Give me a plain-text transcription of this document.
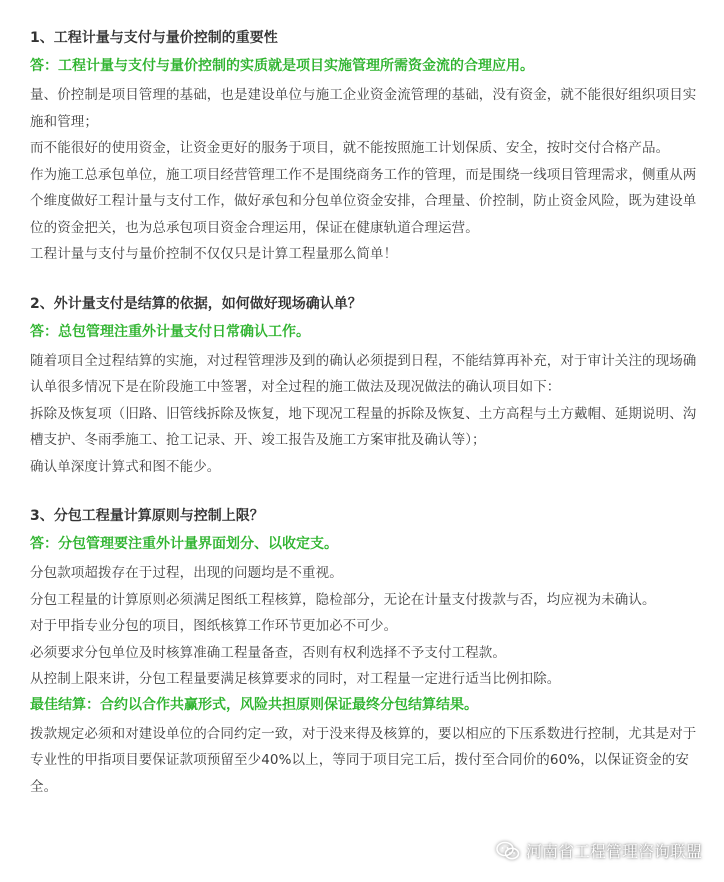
1、工程计量与支付与量价控制的重要性

答：工程计量与支付与量价控制的实质就是项目实施管理所需资金流的合理应用。

量、价控制是项目管理的基础，也是建设单位与施工企业资金流管理的基础，没有资金，就不能很好组织项目实施和管理；

而不能很好的使用资金，让资金更好的服务于项目，就不能按照施工计划保质、安全，按时交付合格产品。

作为施工总承包单位，施工项目经营管理工作不是围绕商务工作的管理，而是围绕一线项目管理需求，侧重从两个维度做好工程计量与支付工作，做好承包和分包单位资金安排，合理量、价控制，防止资金风险，既为建设单位的资金把关，也为总承包项目资金合理运用，保证在健康轨道合理运营。

工程计量与支付与量价控制不仅仅只是计算工程量那么简单！

2、外计量支付是结算的依据，如何做好现场确认单？

答：总包管理注重外计量支付日常确认工作。

随着项目全过程结算的实施，对过程管理涉及到的确认必须提到日程，不能结算再补充，对于审计关注的现场确认单很多情况下是在阶段施工中签署，对全过程的施工做法及现况做法的确认项目如下：

拆除及恢复项（旧路、旧管线拆除及恢复，地下现况工程量的拆除及恢复、土方高程与土方戴帽、延期说明、沟槽支护、冬雨季施工、抢工记录、开、竣工报告及施工方案审批及确认等）；

确认单深度计算式和图不能少。

3、分包工程量计算原则与控制上限？

答：分包管理要注重外计量界面划分、以收定支。

分包款项超拨存在于过程，出现的问题均是不重视。

分包工程量的计算原则必须满足图纸工程核算，隐检部分，无论在计量支付拨款与否，均应视为未确认。

对于甲指专业分包的项目，图纸核算工作环节更加必不可少。

必须要求分包单位及时核算准确工程量备查，否则有权利选择不予支付工程款。

从控制上限来讲，分包工程量要满足核算要求的同时，对工程量一定进行适当比例扣除。

最佳结算：合约以合作共赢形式，风险共担原则保证最终分包结算结果。

拨款规定必须和对建设单位的合同约定一致，对于没来得及核算的，要以相应的下压系数进行控制，尤其是对于专业性的甲指项目要保证款项预留至少40%以上，等同于项目完工后，拨付至合同价的60%，以保证资金的安全。

河南省工程管理咨询联盟
